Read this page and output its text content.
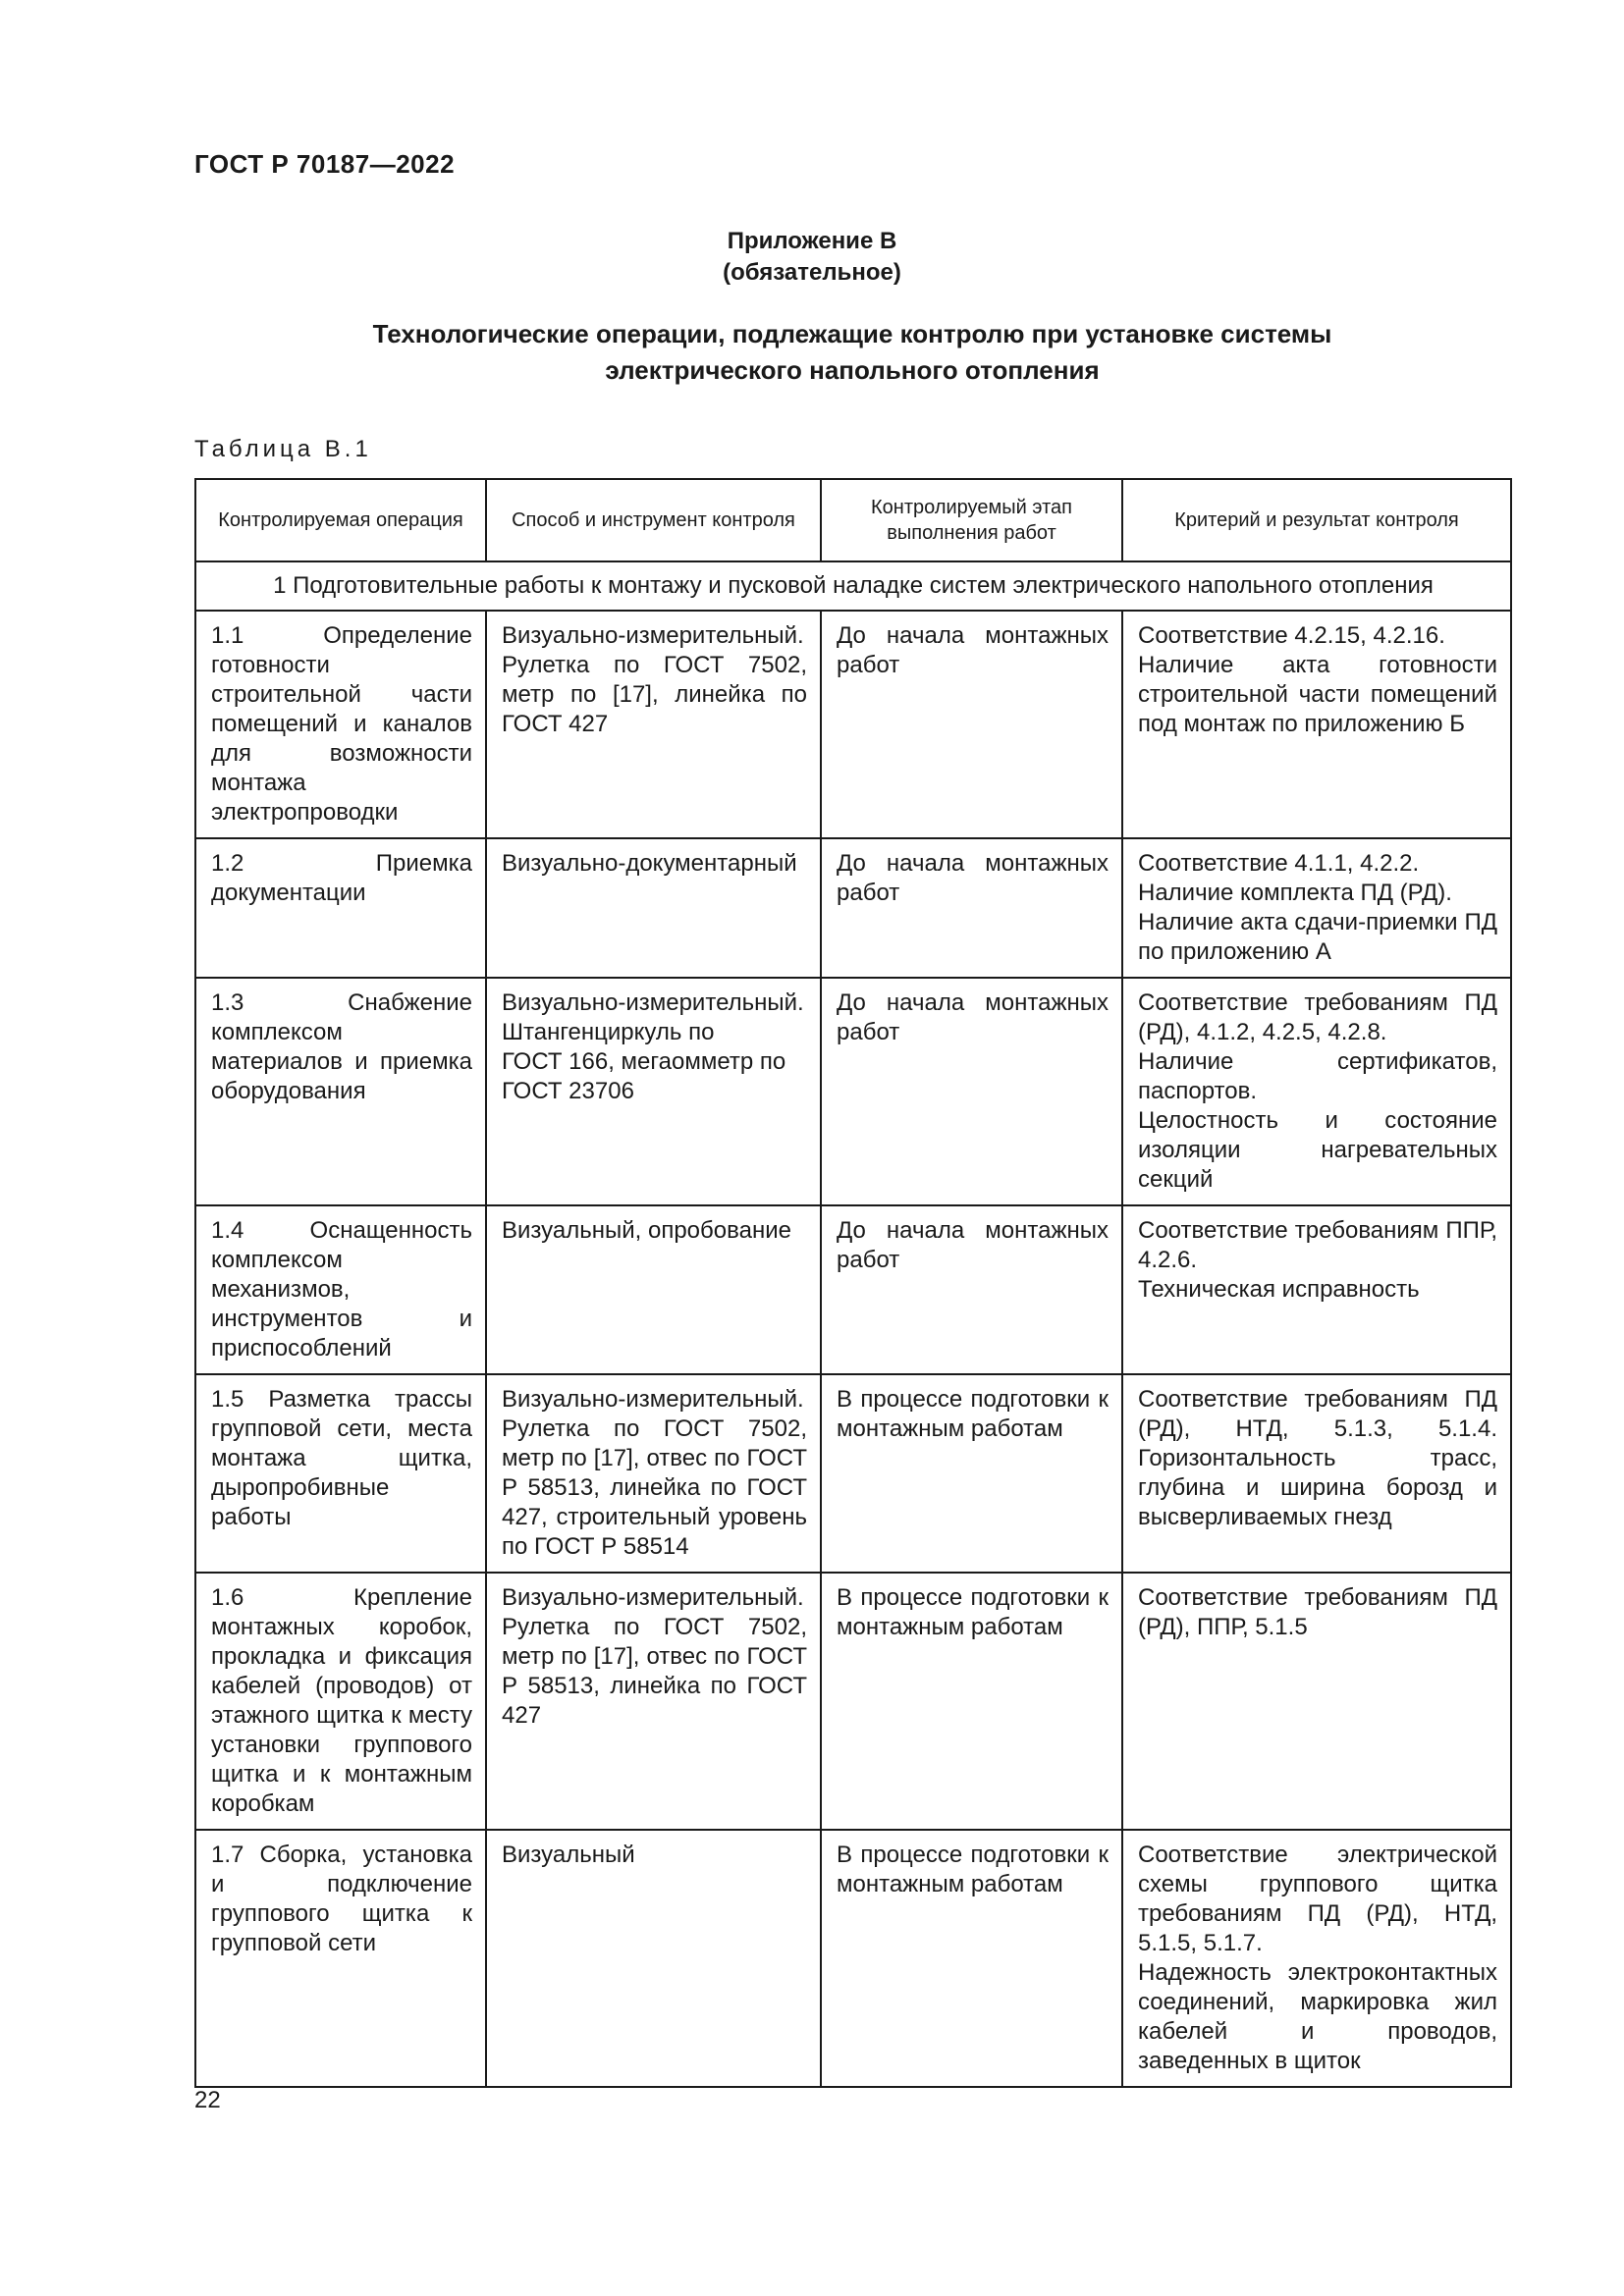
ГОСТ Р 70187—2022
Приложение В
(обязательное)
Технологические операции, подлежащие контролю при установке системы
электрического напольного отопления
Таблица В.1
Контролируемая операция	Способ и инструмент контроля	Контролируемый этап выполнения работ	Критерий и результат контроля
1 Подготовительные работы к монтажу и пусковой наладке систем электрического напольного отопления			
1.1 Определение готовности строительной части помещений и каналов для возможности монтажа электропроводки	Визуально-измерительный. Рулетка по ГОСТ 7502, метр по [17], линейка по ГОСТ 427	До начала монтажных работ	Соответствие 4.2.15, 4.2.16.
Наличие акта готовности строительной части помещений под монтаж по приложению Б

1.2 Приемка документации	Визуально-документарный	До начала монтажных работ	Соответствие 4.1.1, 4.2.2.
Наличие комплекта ПД (РД).
Наличие акта сдачи-приемки ПД по приложению А

1.3 Снабжение комплексом материалов и приемка оборудования	Визуально-измерительный.
Штангенциркуль по
ГОСТ 166, мегаомметр по
ГОСТ 23706	До начала монтажных работ	Соответствие требованиям ПД (РД), 4.1.2, 4.2.5, 4.2.8.
Наличие сертификатов, паспортов.
Целостность и состояние изоляции нагревательных секций

1.4 Оснащенность комплексом механизмов, инструментов и приспособлений	Визуальный, опробование	До начала монтажных работ	Соответствие требованиям ППР, 4.2.6.
Техническая исправность

1.5 Разметка трассы групповой сети, места монтажа щитка, дыропробивные работы	Визуально-измерительный. Рулетка по ГОСТ 7502, метр по [17], отвес по ГОСТ Р 58513, линейка по ГОСТ 427, строительный уровень по ГОСТ Р 58514	В процессе подготовки к монтажным работам	Соответствие требованиям ПД (РД), НТД, 5.1.3, 5.1.4. Горизонтальность трасс, глубина и ширина борозд и высверливаемых гнезд

1.6 Крепление монтажных коробок, прокладка и фиксация кабелей (проводов) от этажного щитка к месту установки группового щитка и к монтажным коробкам	Визуально-измерительный. Рулетка по ГОСТ 7502, метр по [17], отвес по ГОСТ Р 58513, линейка по ГОСТ 427	В процессе подготовки к монтажным работам	Соответствие требованиям ПД (РД), ППР, 5.1.5

1.7 Сборка, установка и подключение группового щитка к групповой сети	Визуальный	В процессе подготовки к монтажным работам	Соответствие электрической схемы группового щитка требованиям ПД (РД), НТД, 5.1.5, 5.1.7.
Надежность электроконтактных соединений, маркировка жил кабелей и проводов, заведенных в щиток
22
